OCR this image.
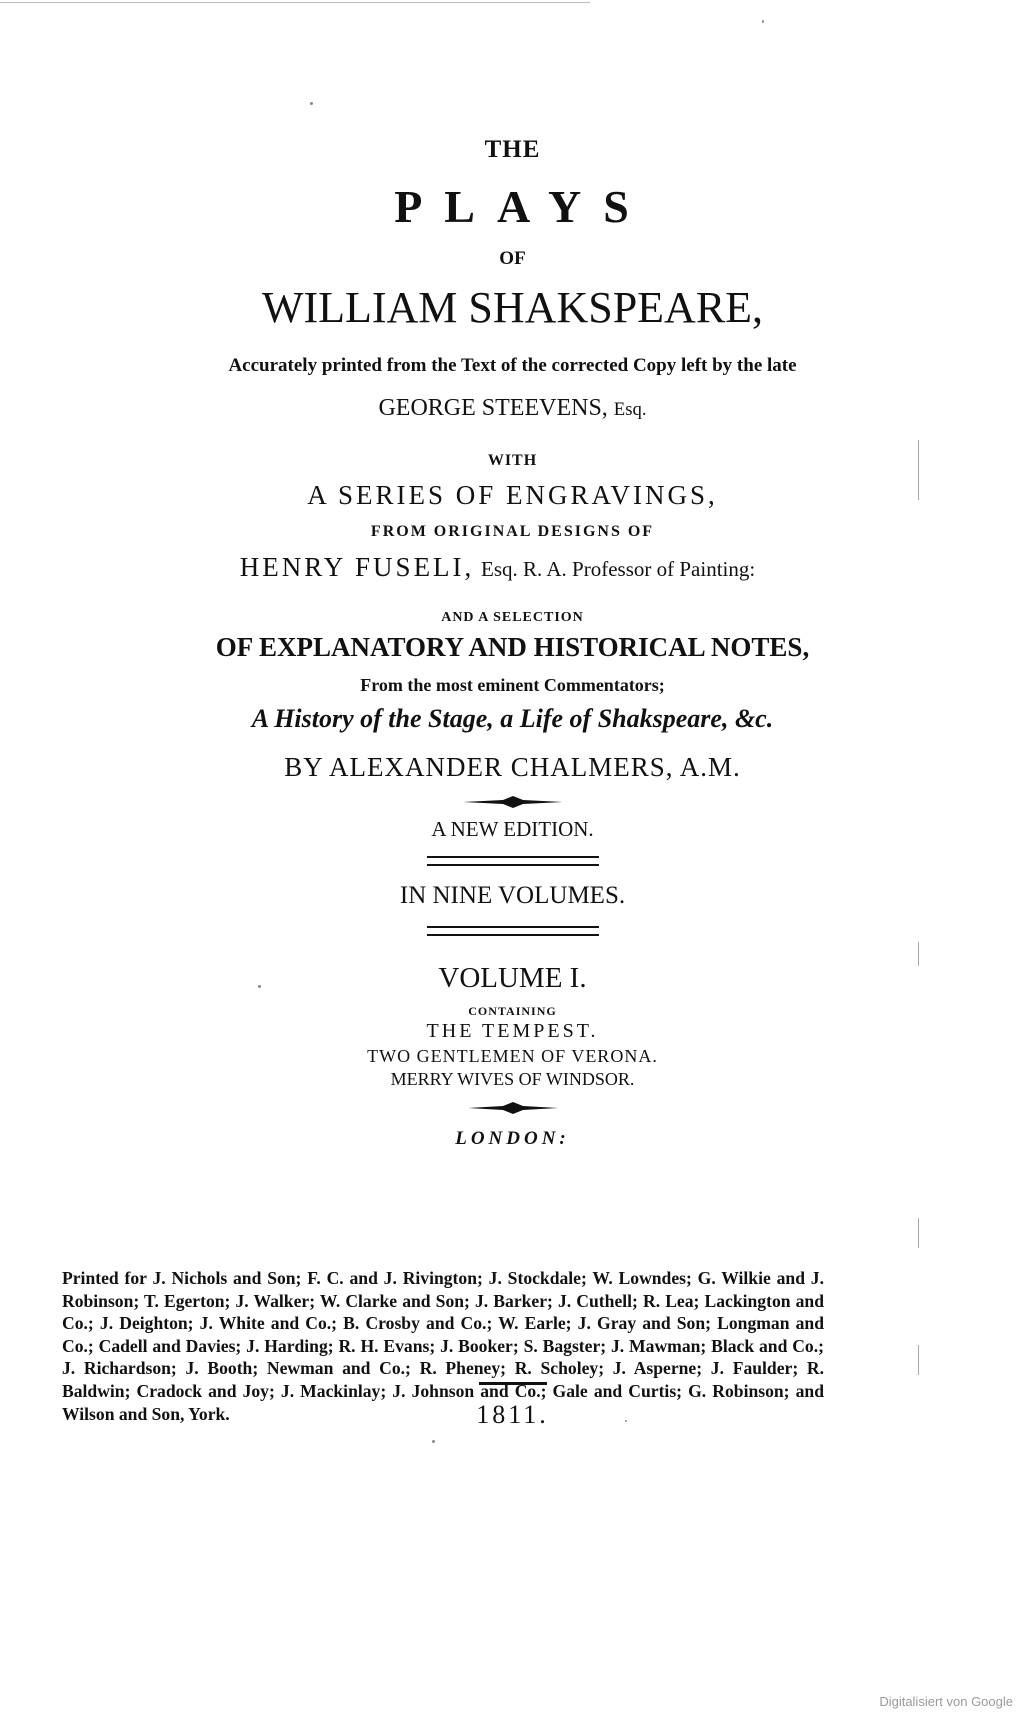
THE
PLAYS
OF
WILLIAM SHAKSPEARE,
Accurately printed from the Text of the corrected Copy left by the late
GEORGE STEEVENS, Esq.
WITH
A SERIES OF ENGRAVINGS,
FROM ORIGINAL DESIGNS OF
HENRY FUSELI, Esq. R. A. Professor of Painting:
AND A SELECTION
OF EXPLANATORY AND HISTORICAL NOTES,
From the most eminent Commentators;
A History of the Stage, a Life of Shakspeare, &c.
BY ALEXANDER CHALMERS, A.M.
A NEW EDITION.
IN NINE VOLUMES.
VOLUME I.
CONTAINING
THE TEMPEST.
TWO GENTLEMEN OF VERONA.
MERRY WIVES OF WINDSOR.
LONDON:
Printed for J. Nichols and Son; F. C. and J. Rivington; J. Stockdale; W. Lowndes; G. Wilkie and J. Robinson; T. Egerton; J. Walker; W. Clarke and Son; J. Barker; J. Cuthell; R. Lea; Lackington and Co.; J. Deighton; J. White and Co.; B. Crosby and Co.; W. Earle; J. Gray and Son; Longman and Co.; Cadell and Davies; J. Harding; R. H. Evans; J. Booker; S. Bagster; J. Mawman; Black and Co.; J. Richardson; J. Booth; Newman and Co.; R. Pheney; R. Scholey; J. Asperne; J. Faulder; R. Baldwin; Cradock and Joy; J. Mackinlay; J. Johnson and Co.; Gale and Curtis; G. Robinson; and Wilson and Son, York.	1811.
Digitalisiert von Google
